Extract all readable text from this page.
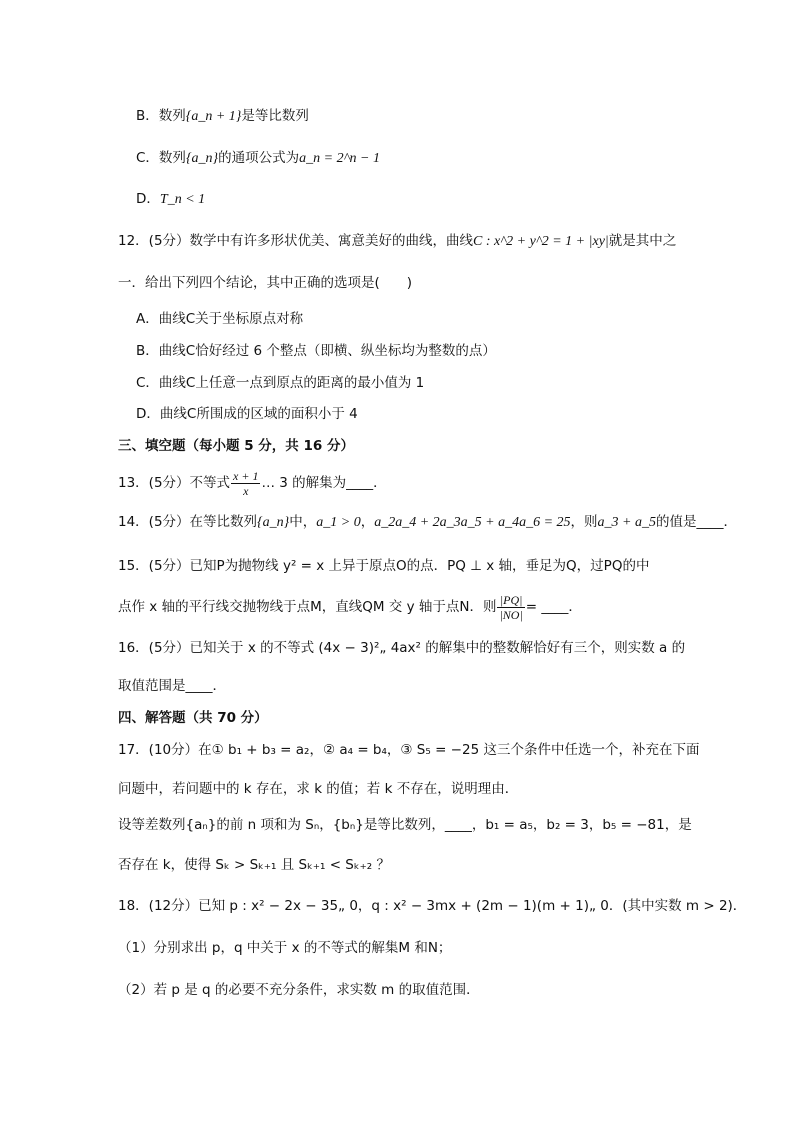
B．数列{a_n + 1}是等比数列
C．数列{a_n}的通项公式为a_n = 2^n − 1
D．T_n < 1
12．(5分）数学中有许多形状优美、寓意美好的曲线，曲线C : x^2 + y^2 = 1 + |xy|就是其中之
一．给出下列四个结论，其中正确的选项是(　　)
A．曲线C关于坐标原点对称
B．曲线C恰好经过 6 个整点（即横、纵坐标均为整数的点）
C．曲线C上任意一点到原点的距离的最小值为 1
D．曲线C所围成的区域的面积小于 4
三、填空题（每小题 5 分，共 16 分）
13．(5分）不等式 $\frac{x + 1}{x}$ … 3 的解集为____．
14．(5分）在等比数列{a_n}中，a_1 > 0，a_2a_4 + 2a_3a_5 + a_4a_6 = 25，则a_3 + a_5的值是____．
15．(5分）已知P为抛物线 y² = x 上异于原点O的点．PQ ⊥ x 轴，垂足为Q，过PQ的中
点作 x 轴的平行线交抛物线于点M，直线QM 交 y 轴于点N．则 $\frac{|PQ|}{|NO|}$ = ____．
16．(5分）已知关于 x 的不等式 (4x − 3)²„ 4ax² 的解集中的整数解恰好有三个，则实数 a 的
取值范围是____．
四、解答题（共 70 分）
17．(10分）在① b₁ + b₃ = a₂，② a₄ = b₄，③ S₅ = −25 这三个条件中任选一个，补充在下面
问题中，若问题中的 k 存在，求 k 的值；若 k 不存在，说明理由．
设等差数列{aₙ}的前 n 项和为 Sₙ，{bₙ}是等比数列，____，b₁ = a₅，b₂ = 3，b₅ = −81，是
否存在 k，使得 Sₖ > Sₖ₊₁ 且 Sₖ₊₁ < Sₖ₊₂ ？
18．(12分）已知 p : x² − 2x − 35„ 0，q : x² − 3mx + (2m − 1)(m + 1)„ 0．(其中实数 m > 2)．
（1）分别求出 p，q 中关于 x 的不等式的解集M 和N；
（2）若 p 是 q 的必要不充分条件，求实数 m 的取值范围．
